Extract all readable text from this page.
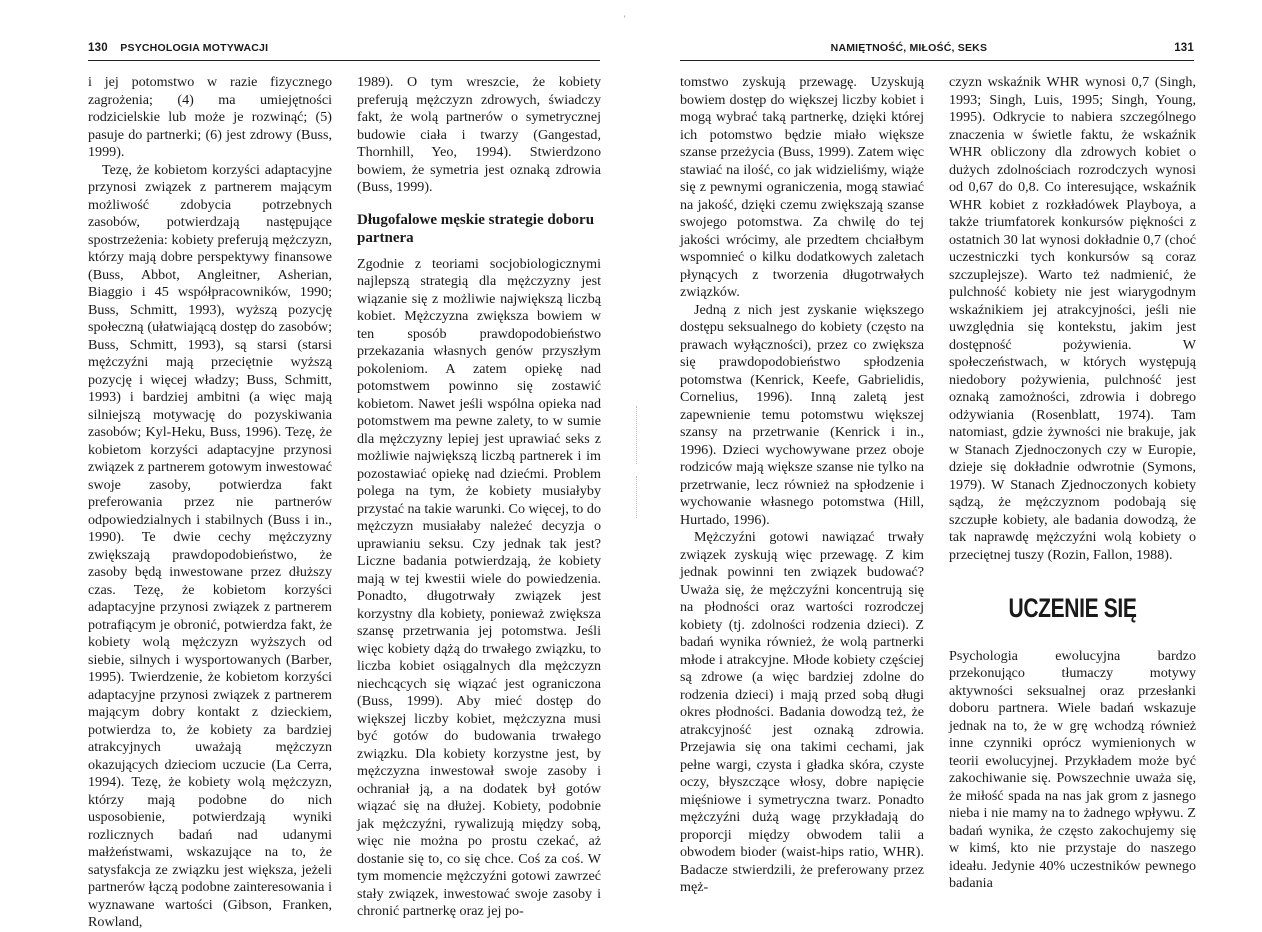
'
130 PSYCHOLOGIA MOTYWACJI

i jej potomstwo w razie fizycznego zagrożenia; (4) ma umiejętności rodzicielskie lub może je rozwinąć; (5) pasuje do partnerki; (6) jest zdrowy (Buss, 1999).

Tezę, że kobietom korzyści adaptacyjne przynosi związek z partnerem mającym możliwość zdobycia potrzebnych zasobów, potwierdzają następujące spostrzeżenia: kobiety preferują mężczyzn, którzy mają dobre perspektywy finansowe (Buss, Abbot, Angleitner, Asherian, Biaggio i 45 współpracowników, 1990; Buss, Schmitt, 1993), wyższą pozycję społeczną (ułatwiającą dostęp do zasobów; Buss, Schmitt, 1993), są starsi (starsi mężczyźni mają przeciętnie wyższą pozycję i więcej władzy; Buss, Schmitt, 1993) i bardziej ambitni (a więc mają silniejszą motywację do pozyskiwania zasobów; Kyl-Heku, Buss, 1996). Tezę, że kobietom korzyści adaptacyjne przynosi związek z partnerem gotowym inwestować swoje zasoby, potwierdza fakt preferowania przez nie partnerów odpowiedzialnych i stabilnych (Buss i in., 1990). Te dwie cechy mężczyzny zwiększają prawdopodobieństwo, że zasoby będą inwestowane przez dłuższy czas. Tezę, że kobietom korzyści adaptacyjne przynosi związek z partnerem potrafiącym je obronić, potwierdza fakt, że kobiety wolą mężczyzn wyższych od siebie, silnych i wysportowanych (Barber, 1995). Twierdzenie, że kobietom korzyści adaptacyjne przynosi związek z partnerem mającym dobry kontakt z dzieckiem, potwierdza to, że kobiety za bardziej atrakcyjnych uważają mężczyzn okazujących dzieciom uczucie (La Cerra, 1994). Tezę, że kobiety wolą mężczyzn, którzy mają podobne do nich usposobienie, potwierdzają wyniki rozlicznych badań nad udanymi małżeństwami, wskazujące na to, że satysfakcja ze związku jest większa, jeżeli partnerów łączą podobne zainteresowania i wyznawane wartości (Gibson, Franken, Rowland,

1989). O tym wreszcie, że kobiety preferują mężczyzn zdrowych, świadczy fakt, że wolą partnerów o symetrycznej budowie ciała i twarzy (Gangestad, Thornhill, Yeo, 1994). Stwierdzono bowiem, że symetria jest oznaką zdrowia (Buss, 1999).

Długofalowe męskie strategie doboru partnera

Zgodnie z teoriami socjobiologicznymi najlepszą strategią dla mężczyzny jest wiązanie się z możliwie największą liczbą kobiet. Mężczyzna zwiększa bowiem w ten sposób prawdopodobieństwo przekazania własnych genów przyszłym pokoleniom. A zatem opiekę nad potomstwem powinno się zostawić kobietom. Nawet jeśli wspólna opieka nad potomstwem ma pewne zalety, to w sumie dla mężczyzny lepiej jest uprawiać seks z możliwie największą liczbą partnerek i im pozostawiać opiekę nad dziećmi. Problem polega na tym, że kobiety musiałyby przystać na takie warunki. Co więcej, to do mężczyzn musiałaby należeć decyzja o uprawianiu seksu. Czy jednak tak jest? Liczne badania potwierdzają, że kobiety mają w tej kwestii wiele do powiedzenia. Ponadto, długotrwały związek jest korzystny dla kobiety, ponieważ zwiększa szansę przetrwania jej potomstwa. Jeśli więc kobiety dążą do trwałego związku, to liczba kobiet osiągalnych dla mężczyzn niechcących się wiązać jest ograniczona (Buss, 1999). Aby mieć dostęp do większej liczby kobiet, mężczyzna musi być gotów do budowania trwałego związku. Dla kobiety korzystne jest, by mężczyzna inwestował swoje zasoby i ochraniał ją, a na dodatek był gotów wiązać się na dłużej. Kobiety, podobnie jak mężczyźni, rywalizują między sobą, więc nie można po prostu czekać, aż dostanie się to, co się chce. Coś za coś. W tym momencie mężczyźni gotowi zawrzeć stały związek, inwestować swoje zasoby i chronić partnerkę oraz jej po-

NAMIĘTNOŚĆ, MIŁOŚĆ, SEKS	131

tomstwo zyskują przewagę. Uzyskują bowiem dostęp do większej liczby kobiet i mogą wybrać taką partnerkę, dzięki której ich potomstwo będzie miało większe szanse przeżycia (Buss, 1999). Zatem więc stawiać na ilość, co jak widzieliśmy, wiąże się z pewnymi ograniczenia, mogą stawiać na jakość, dzięki czemu zwiększają szanse swojego potomstwa. Za chwilę do tej jakości wrócimy, ale przedtem chciałbym wspomnieć o kilku dodatkowych zaletach płynących z tworzenia długotrwałych związków.

Jedną z nich jest zyskanie większego dostępu seksualnego do kobiety (często na prawach wyłączności), przez co zwiększa się prawdopodobieństwo spłodzenia potomstwa (Kenrick, Keefe, Gabrielidis, Cornelius, 1996). Inną zaletą jest zapewnienie temu potomstwu większej szansy na przetrwanie (Kenrick i in., 1996). Dzieci wychowywane przez oboje rodziców mają większe szanse nie tylko na przetrwanie, lecz również na spłodzenie i wychowanie własnego potomstwa (Hill, Hurtado, 1996).

Mężczyźni gotowi nawiązać trwały związek zyskują więc przewagę. Z kim jednak powinni ten związek budować? Uważa się, że mężczyźni koncentrują się na płodności oraz wartości rozrodczej kobiety (tj. zdolności rodzenia dzieci). Z badań wynika również, że wolą partnerki młode i atrakcyjne. Młode kobiety częściej są zdrowe (a więc bardziej zdolne do rodzenia dzieci) i mają przed sobą długi okres płodności. Badania dowodzą też, że atrakcyjność jest oznaką zdrowia. Przejawia się ona takimi cechami, jak pełne wargi, czysta i gładka skóra, czyste oczy, błyszczące włosy, dobre napięcie mięśniowe i symetryczna twarz. Ponadto mężczyźni dużą wagę przykładają do proporcji między obwodem talii a obwodem bioder (waist-hips ratio, WHR). Badacze stwierdzili, że preferowany przez męż-

czyzn wskaźnik WHR wynosi 0,7 (Singh, 1993; Singh, Luis, 1995; Singh, Young, 1995). Odkrycie to nabiera szczególnego znaczenia w świetle faktu, że wskaźnik WHR obliczony dla zdrowych kobiet o dużych zdolnościach rozrodczych wynosi od 0,67 do 0,8. Co interesujące, wskaźnik WHR kobiet z rozkładówek Playboya, a także triumfatorek konkursów piękności z ostatnich 30 lat wynosi dokładnie 0,7 (choć uczestniczki tych konkursów są coraz szczuplejsze). Warto też nadmienić, że pulchność kobiety nie jest wiarygodnym wskaźnikiem jej atrakcyjności, jeśli nie uwzględnia się kontekstu, jakim jest dostępność pożywienia. W społeczeństwach, w których występują niedobory pożywienia, pulchność jest oznaką zamożności, zdrowia i dobrego odżywiania (Rosenblatt, 1974). Tam natomiast, gdzie żywności nie brakuje, jak w Stanach Zjednoczonych czy w Europie, dzieje się dokładnie odwrotnie (Symons, 1979). W Stanach Zjednoczonych kobiety sądzą, że mężczyznom podobają się szczupłe kobiety, ale badania dowodzą, że tak naprawdę mężczyźni wolą kobiety o przeciętnej tuszy (Rozin, Fallon, 1988).

UCZENIE SIĘ

Psychologia ewolucyjna bardzo przekonująco tłumaczy motywy aktywności seksualnej oraz przesłanki doboru partnera. Wiele badań wskazuje jednak na to, że w grę wchodzą również inne czynniki oprócz wymienionych w teorii ewolucyjnej. Przykładem może być zakochiwanie się. Powszechnie uważa się, że miłość spada na nas jak grom z jasnego nieba i nie mamy na to żadnego wpływu. Z badań wynika, że często zakochujemy się w kimś, kto nie przystaje do naszego ideału. Jedynie 40% uczestników pewnego badania
